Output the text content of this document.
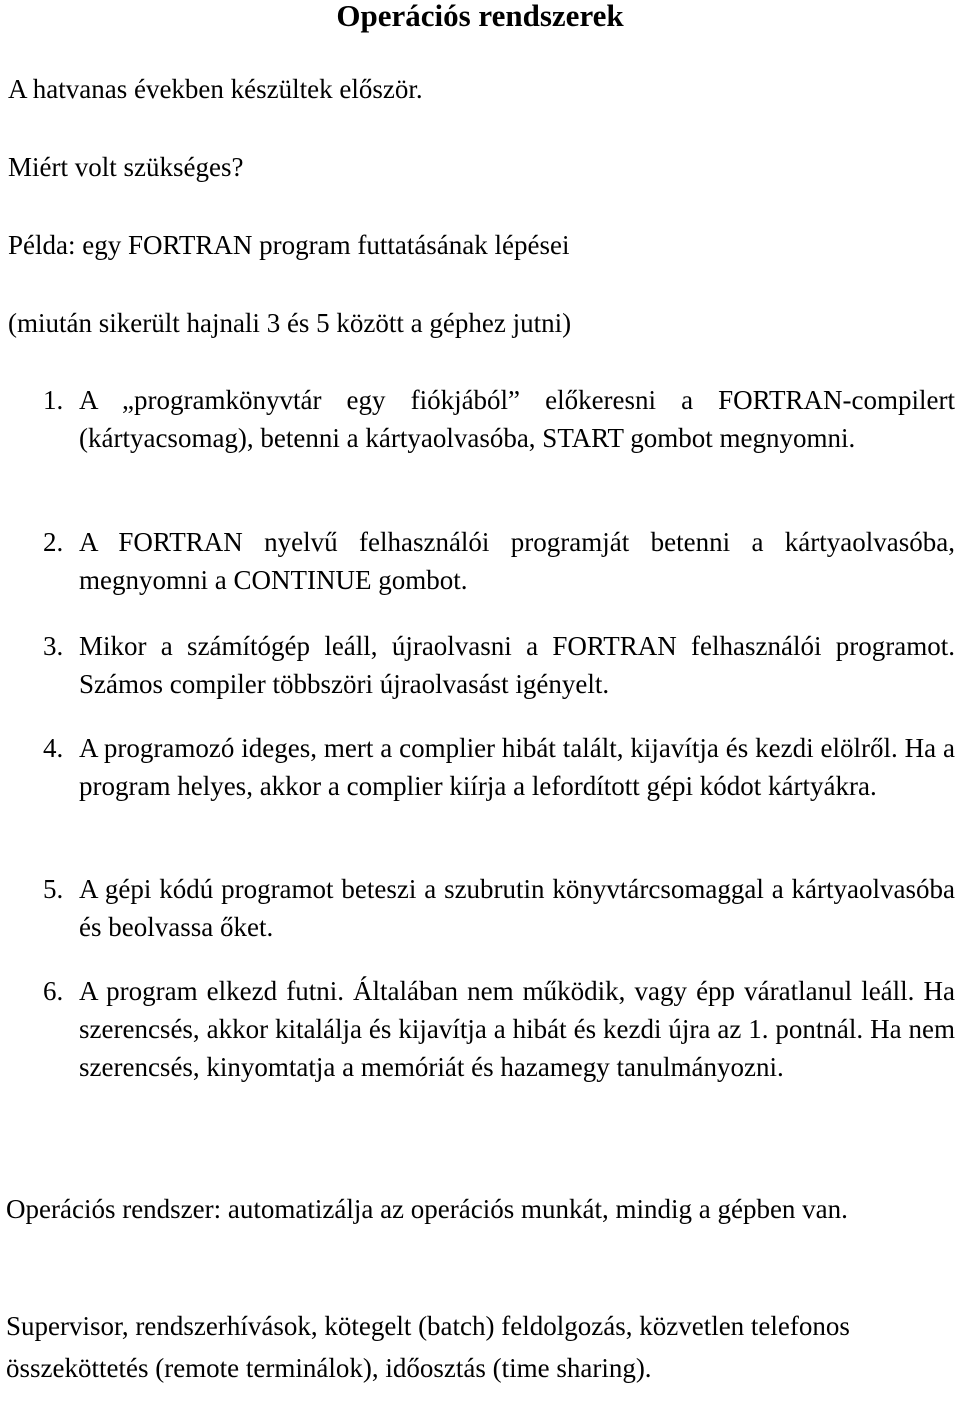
Operációs rendszerek

A hatvanas években készültek először.

Miért volt szükséges?

Példa: egy FORTRAN program futtatásának lépései

(miután sikerült hajnali 3 és 5 között a géphez jutni)

1. A „programkönyvtár egy fiókjából” előkeresni a FORTRAN-compilert (kártyacsomag), betenni a kártyaolvasóba, START gombot megnyomni.
2. A FORTRAN nyelvű felhasználói programját betenni a kártyaolvasóba, megnyomni a CONTINUE gombot.
3. Mikor a számítógép leáll, újraolvasni a FORTRAN felhasználói programot. Számos compiler többszöri újraolvasást igényelt.
4. A programozó ideges, mert a complier hibát talált, kijavítja és kezdi elölről. Ha a program helyes, akkor a complier kiírja a lefordított gépi kódot kártyákra.
5. A gépi kódú programot beteszi a szubrutin könyvtárcsomaggal a kártyaolvasóba és beolvassa őket.
6. A program elkezd futni. Általában nem működik, vagy épp váratlanul leáll. Ha szerencsés, akkor kitalálja és kijavítja a hibát és kezdi újra az 1. pontnál. Ha nem szerencsés, kinyomtatja a memóriát és hazamegy tanulmányozni.

Operációs rendszer: automatizálja az operációs munkát, mindig a gépben van.

Supervisor, rendszerhívások, kötegelt (batch) feldolgozás, közvetlen telefonos összeköttetés (remote terminálok), időosztás (time sharing).
